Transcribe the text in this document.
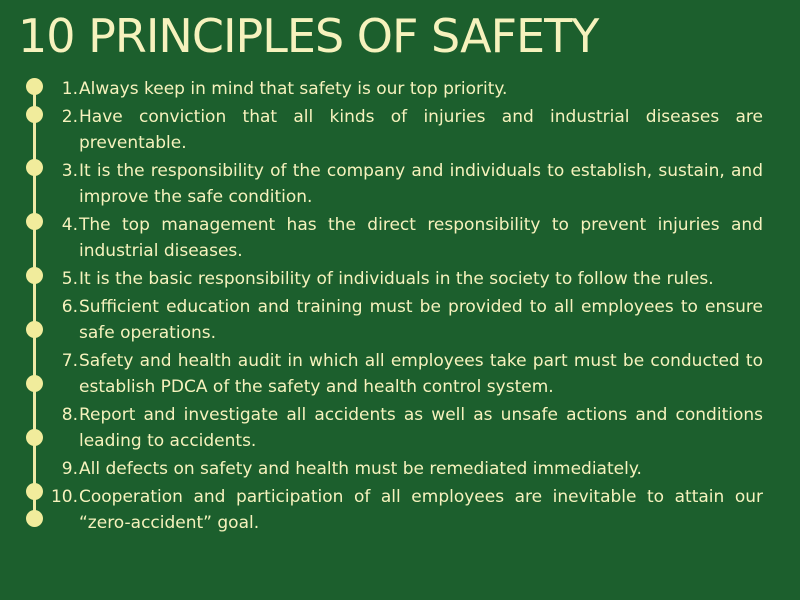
10 PRINCIPLES OF SAFETY
1. Always keep in mind that safety is our top priority.
2. Have conviction that all kinds of injuries and industrial diseases are preventable.
3. It is the responsibility of the company and individuals to establish, sustain, and improve the safe condition.
4. The top management has the direct responsibility to prevent injuries and industrial diseases.
5. It is the basic responsibility of individuals in the society to follow the rules.
6. Sufficient education and training must be provided to all employees to ensure safe operations.
7. Safety and health audit in which all employees take part must be conducted to establish PDCA of the safety and health control system.
8. Report and investigate all accidents as well as unsafe actions and conditions leading to accidents.
9. All defects on safety and health must be remediated immediately.
10. Cooperation and participation of all employees are inevitable to attain our “zero-accident” goal.
